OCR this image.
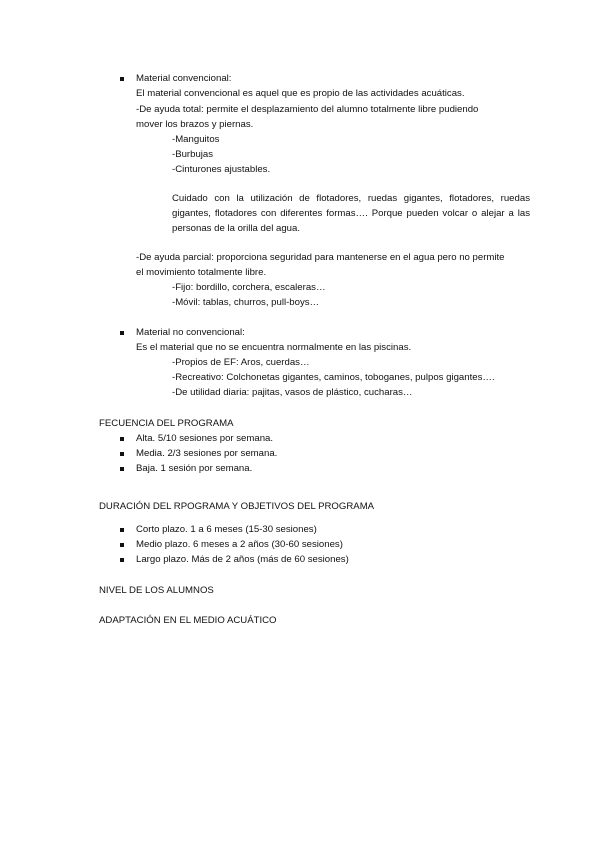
Material convencional:
El material convencional es aquel que es propio de las actividades acuáticas.
-De ayuda total: permite el desplazamiento del alumno totalmente libre pudiendo
mover los brazos y piernas.
-Manguitos
-Burbujas
-Cinturones ajustables.
Cuidado con la utilización de flotadores, ruedas gigantes, flotadores, ruedas gigantes, flotadores con diferentes formas…. Porque pueden volcar o alejar a las personas de la orilla del agua.
-De ayuda parcial: proporciona seguridad para mantenerse en el agua pero no permite
el movimiento totalmente libre.
-Fijo: bordillo, corchera, escaleras…
-Móvil: tablas, churros, pull-boys…
Material no convencional:
Es el material que no se encuentra normalmente en las piscinas.
-Propios de EF: Aros, cuerdas…
-Recreativo: Colchonetas gigantes, caminos, toboganes, pulpos gigantes….
-De utilidad diaria: pajitas, vasos de plástico, cucharas…
FECUENCIA DEL PROGRAMA
Alta. 5/10 sesiones por semana.
Media. 2/3 sesiones por semana.
Baja. 1 sesión por semana.
DURACIÓN DEL RPOGRAMA Y OBJETIVOS DEL PROGRAMA
Corto plazo. 1 a 6 meses (15-30 sesiones)
Medio plazo. 6 meses a 2 años (30-60 sesiones)
Largo plazo. Más de 2 años (más de 60 sesiones)
NIVEL DE LOS ALUMNOS
ADAPTACIÓN EN EL MEDIO ACUÁTICO
